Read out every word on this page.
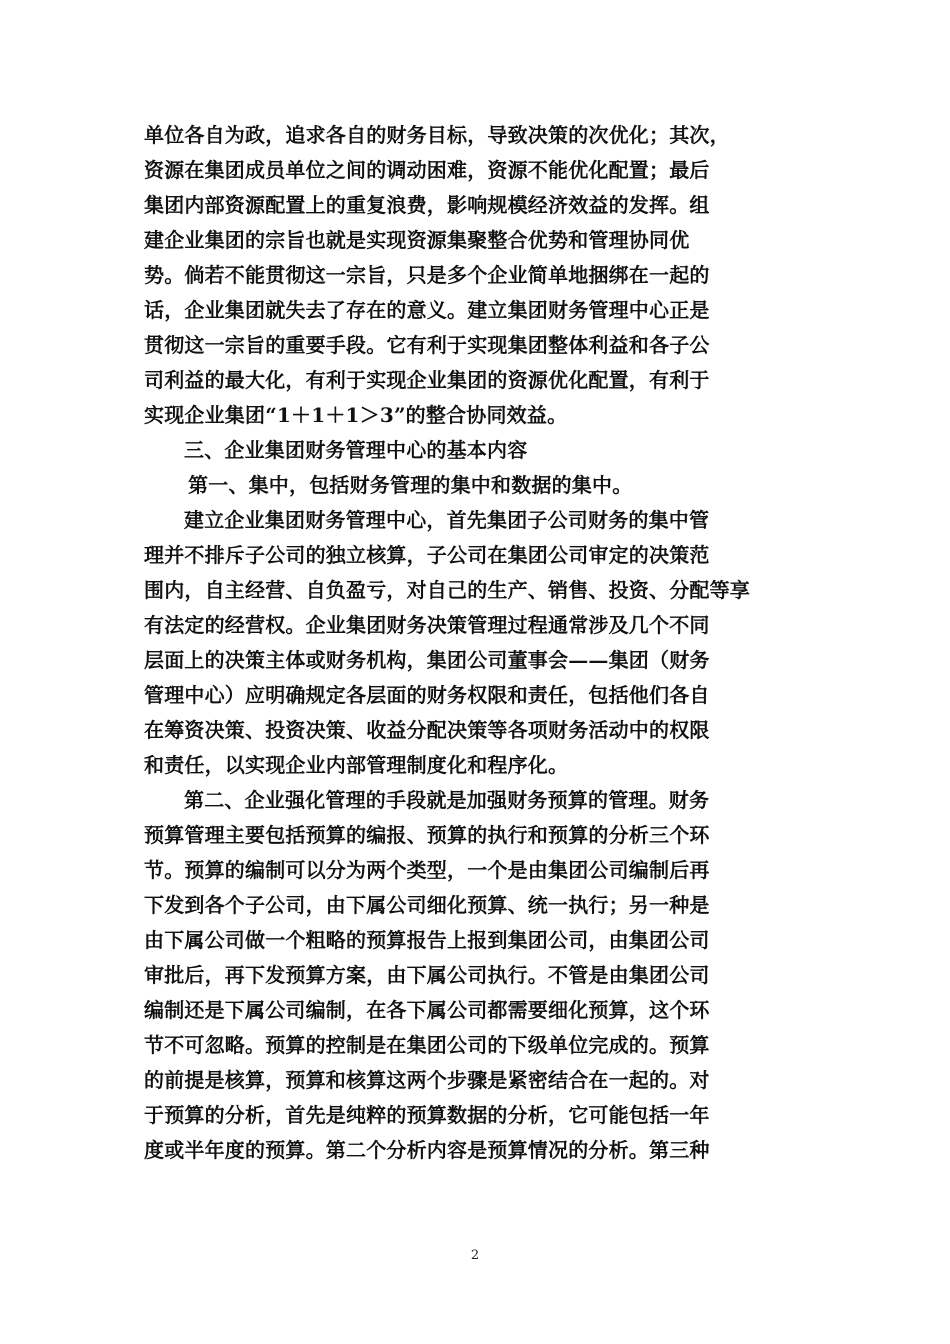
单位各自为政，追求各自的财务目标，导致决策的次优化；其次，
资源在集团成员单位之间的调动困难，资源不能优化配置；最后
集团内部资源配置上的重复浪费，影响规模经济效益的发挥。组
建企业集团的宗旨也就是实现资源集聚整合优势和管理协同优
势。倘若不能贯彻这一宗旨，只是多个企业简单地捆绑在一起的
话，企业集团就失去了存在的意义。建立集团财务管理中心正是
贯彻这一宗旨的重要手段。它有利于实现集团整体利益和各子公
司利益的最大化，有利于实现企业集团的资源优化配置，有利于
实现企业集团“1＋1＋1＞3”的整合协同效益。
三、企业集团财务管理中心的基本内容
第一、集中，包括财务管理的集中和数据的集中。
建立企业集团财务管理中心，首先集团子公司财务的集中管
理并不排斥子公司的独立核算，子公司在集团公司审定的决策范
围内，自主经营、自负盈亏，对自己的生产、销售、投资、分配等享
有法定的经营权。企业集团财务决策管理过程通常涉及几个不同
层面上的决策主体或财务机构，集团公司董事会——集团（财务
管理中心）应明确规定各层面的财务权限和责任，包括他们各自
在筹资决策、投资决策、收益分配决策等各项财务活动中的权限
和责任，以实现企业内部管理制度化和程序化。
第二、企业强化管理的手段就是加强财务预算的管理。财务
预算管理主要包括预算的编报、预算的执行和预算的分析三个环
节。预算的编制可以分为两个类型，一个是由集团公司编制后再
下发到各个子公司，由下属公司细化预算、统一执行；另一种是
由下属公司做一个粗略的预算报告上报到集团公司，由集团公司
审批后，再下发预算方案，由下属公司执行。不管是由集团公司
编制还是下属公司编制，在各下属公司都需要细化预算，这个环
节不可忽略。预算的控制是在集团公司的下级单位完成的。预算
的前提是核算，预算和核算这两个步骤是紧密结合在一起的。对
于预算的分析，首先是纯粹的预算数据的分析，它可能包括一年
度或半年度的预算。第二个分析内容是预算情况的分析。第三种
2
